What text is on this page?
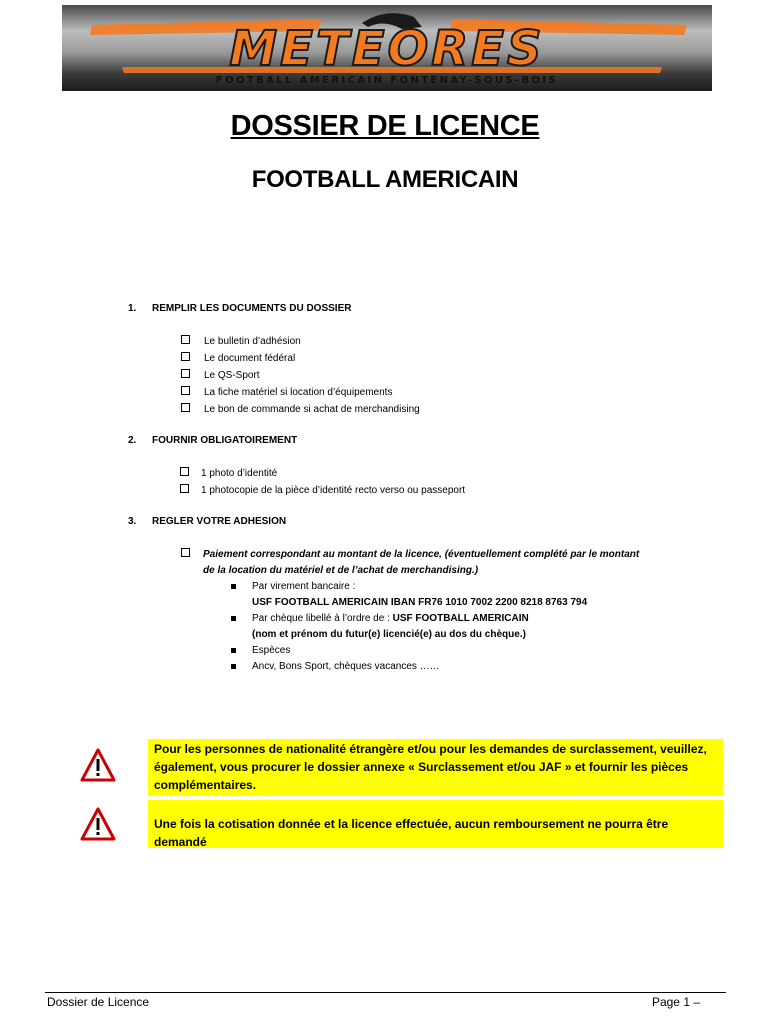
METEORES
FOOTBALL AMERICAIN FONTENAY-SOUS-BOIS
DOSSIER DE LICENCE
FOOTBALL AMERICAIN
1. REMPLIR LES DOCUMENTS DU DOSSIER
Le bulletin d’adhésion
Le document fédéral
Le QS-Sport
La fiche matériel si location d’équipements
Le bon de commande si achat de merchandising
2. FOURNIR OBLIGATOIREMENT
1 photo d’identité
1 photocopie de la pièce d’identité recto verso ou passeport
3. REGLER VOTRE ADHESION
Paiement correspondant au montant de la licence, (éventuellement complété par le montant
de la location du matériel et de l’achat de merchandising.)
Par virement bancaire :
USF FOOTBALL AMERICAIN IBAN FR76 1010 7002 2200 8218 8763 794
Par chèque libellé à l’ordre de : USF FOOTBALL AMERICAIN
(nom et prénom du futur(e) licencié(e) au dos du chèque.)
Espèces
Ancv, Bons Sport, chèques vacances ……
Pour les personnes de nationalité étrangère et/ou pour les demandes de surclassement, veuillez, également, vous procurer le dossier annexe « Surclassement et/ou JAF » et fournir les pièces complémentaires.
Une fois la cotisation donnée et la licence effectuée, aucun remboursement ne pourra être demandé
Dossier de Licence	Page 1 –
